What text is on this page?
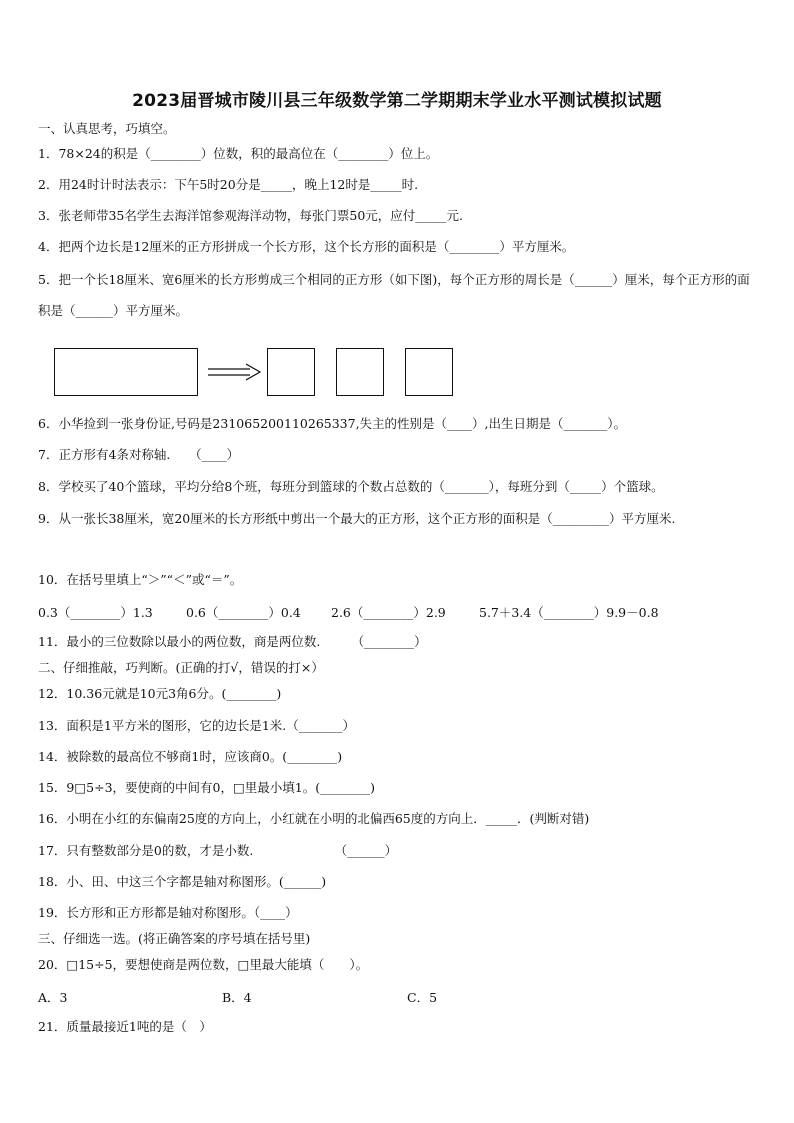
2023届晋城市陵川县三年级数学第二学期期末学业水平测试模拟试题
一、认真思考，巧填空。
1．78×24的积是（________）位数，积的最高位在（________）位上。
2．用24时计时法表示：下午5时20分是_____，晚上12时是_____时.
3．张老师带35名学生去海洋馆参观海洋动物，每张门票50元，应付_____元.
4．把两个边长是12厘米的正方形拼成一个长方形，这个长方形的面积是（________）平方厘米。
5．把一个长18厘米、宽6厘米的长方形剪成三个相同的正方形（如下图)，每个正方形的周长是（______）厘米，每个正方形的面积是（______）平方厘米。
6．小华捡到一张身份证,号码是231065200110265337,失主的性别是（____）,出生日期是（_______）。
7．正方形有4条对称轴.　　（____）
8．学校买了40个篮球，平均分给8个班，每班分到篮球的个数占总数的（_______），每班分到（_____）个篮球。
9．从一张长38厘米，宽20厘米的长方形纸中剪出一个最大的正方形，这个正方形的面积是（_________）平方厘米.
10．在括号里填上“＞”“＜”或“＝”。
0.3（________）1.3	0.6（________）0.4 2.6（________）2.9	5.7＋3.4（________）9.9－0.8
11．最小的三位数除以最小的两位数，商是两位数.　　　（________）
二、仔细推敲，巧判断。(正确的打√，错误的打×）
12．10.36元就是10元3角6分。(________)
13．面积是1平方米的图形，它的边长是1米.（_______）
14．被除数的最高位不够商1时，应该商0。(________)
15．9□5÷3，要使商的中间有0，□里最小填1。(________)
16．小明在小红的东偏南25度的方向上，小红就在小明的北偏西65度的方向上．_____．(判断对错)
17．只有整数部分是0的数，才是小数.　　　　　　　（______）
18．小、田、中这三个字都是轴对称图形。(______)
19．长方形和正方形都是轴对称图形。（____）
三、仔细选一选。(将正确答案的序号填在括号里)
20．□15÷5，要想使商是两位数，□里最大能填（　　）。
A．3	B．4	C．5
21．质量最接近1吨的是（　）
